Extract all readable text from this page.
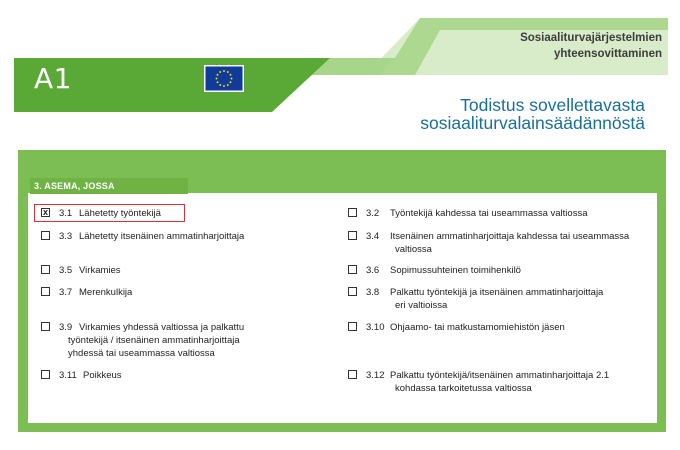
Sosiaaliturvajärjestelmien
yhteensovittaminen
A1
Todistus sovellettavasta
sosiaaliturvalainsäädännöstä
3. ASEMA, JOSSA TYÖSKENTELET
x 3.1 Lähetetty työntekijä
3.3 Lähetetty itsenäinen ammatinharjoittaja
3.5 Virkamies
3.7 Merenkulkija
3.9 Virkamies yhdessä valtiossa ja palkattu
työntekijä / itsenäinen ammatinharjoittaja
yhdessä tai useammassa valtiossa
3.11 Poikkeus
3.2 Työntekijä kahdessa tai useammassa valtiossa
3.4 Itsenäinen ammatinharjoittaja kahdessa tai useammassa
valtiossa
3.6 Sopimussuhteinen toimihenkilö
3.8 Palkattu työntekijä ja itsenäinen ammatinharjoittaja
eri valtioissa
3.10 Ohjaamo- tai matkustamomiehistön jäsen
3.12 Palkattu työntekijä/itsenäinen ammatinharjoittaja 2.1
kohdassa tarkoitetussa valtiossa
